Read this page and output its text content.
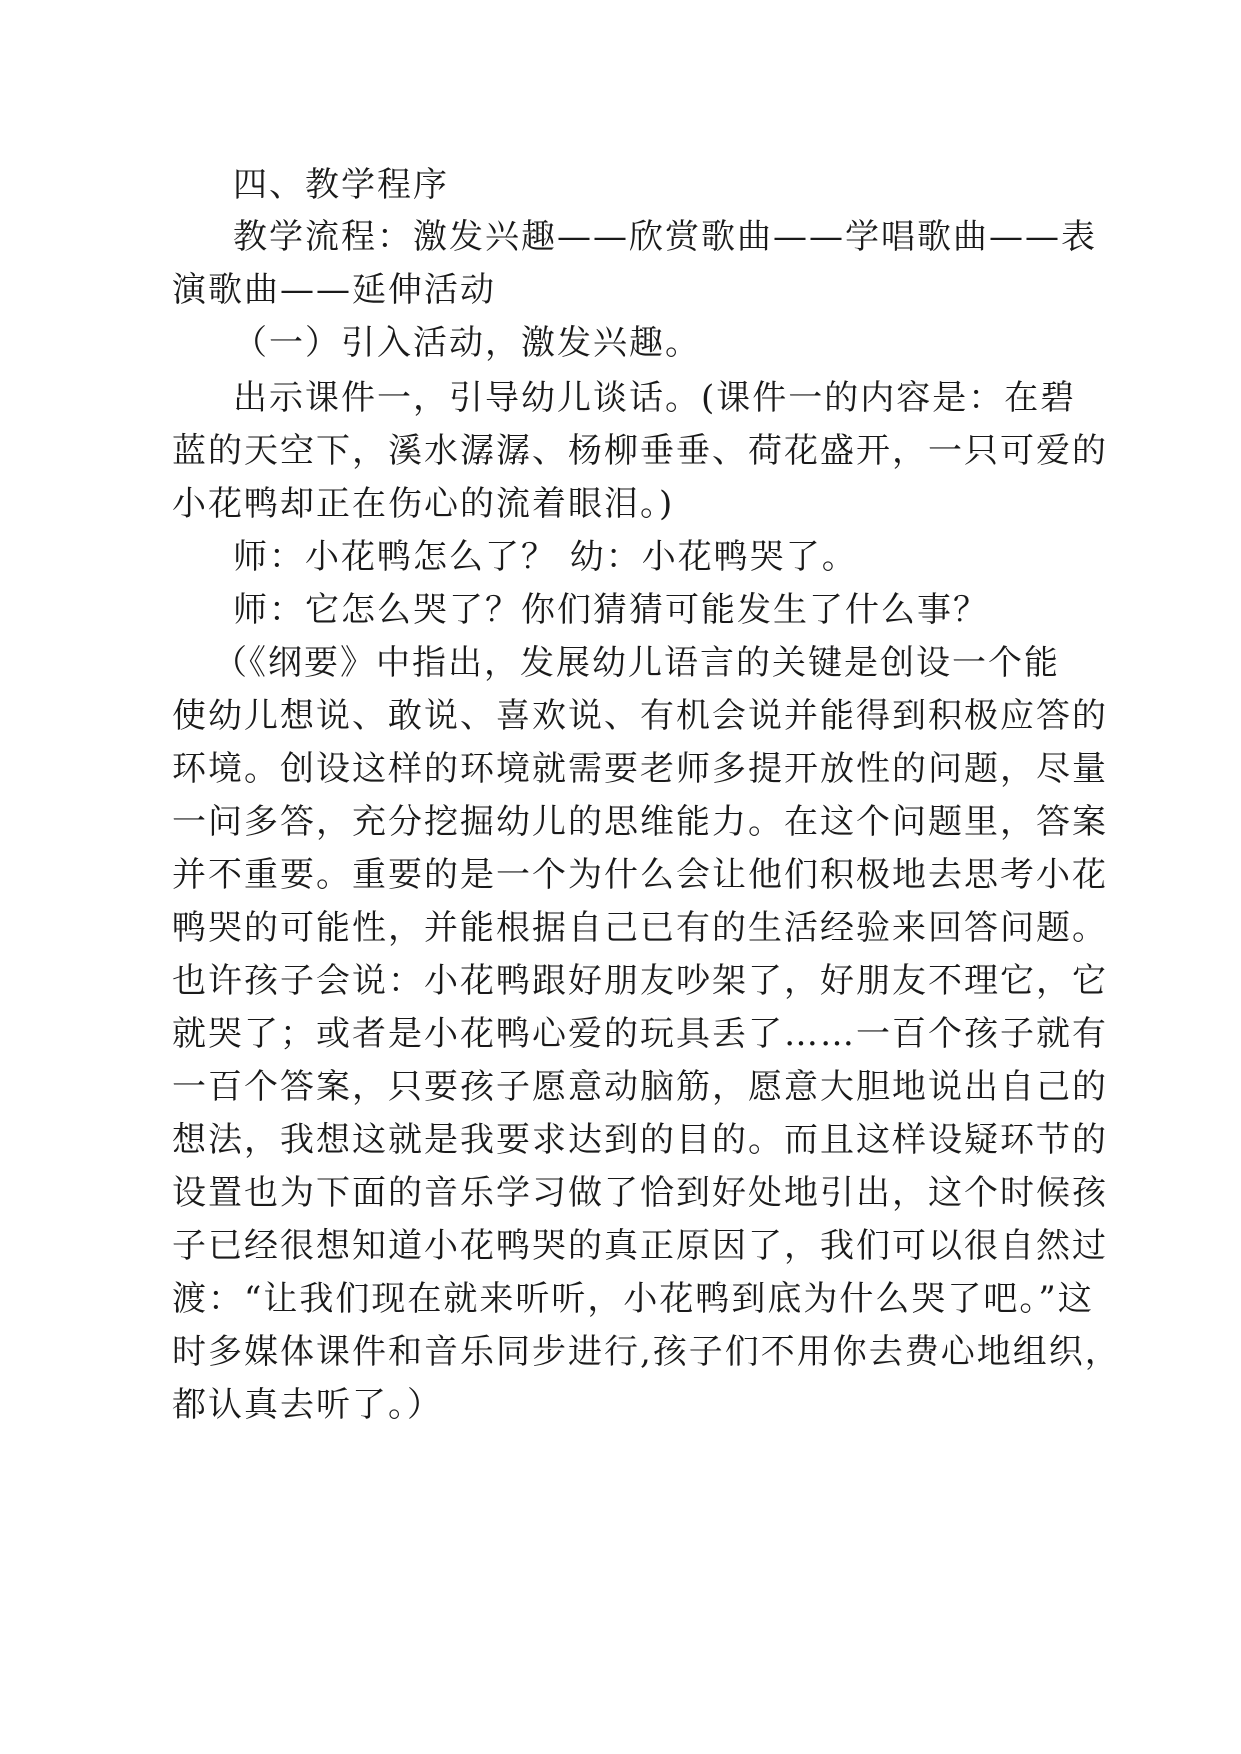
四、教学程序
教学流程：激发兴趣——欣赏歌曲——学唱歌曲——表
演歌曲——延伸活动
（一）引入活动，激发兴趣。
出示课件一，引导幼儿谈话。(课件一的内容是：在碧
蓝的天空下，溪水潺潺、杨柳垂垂、荷花盛开，一只可爱的
小花鸭却正在伤心的流着眼泪。)
师：小花鸭怎么了？ 幼：小花鸭哭了。
师：它怎么哭了？你们猜猜可能发生了什么事？
（《纲要》中指出，发展幼儿语言的关键是创设一个能
使幼儿想说、敢说、喜欢说、有机会说并能得到积极应答的
环境。创设这样的环境就需要老师多提开放性的问题，尽量
一问多答，充分挖掘幼儿的思维能力。在这个问题里，答案
并不重要。重要的是一个为什么会让他们积极地去思考小花
鸭哭的可能性，并能根据自己已有的生活经验来回答问题。
也许孩子会说：小花鸭跟好朋友吵架了，好朋友不理它，它
就哭了；或者是小花鸭心爱的玩具丢了……一百个孩子就有
一百个答案，只要孩子愿意动脑筋，愿意大胆地说出自己的
想法，我想这就是我要求达到的目的。而且这样设疑环节的
设置也为下面的音乐学习做了恰到好处地引出，这个时候孩
子已经很想知道小花鸭哭的真正原因了，我们可以很自然过
渡：“让我们现在就来听听，小花鸭到底为什么哭了吧。”这
时多媒体课件和音乐同步进行,孩子们不用你去费心地组织，
都认真去听了。）
